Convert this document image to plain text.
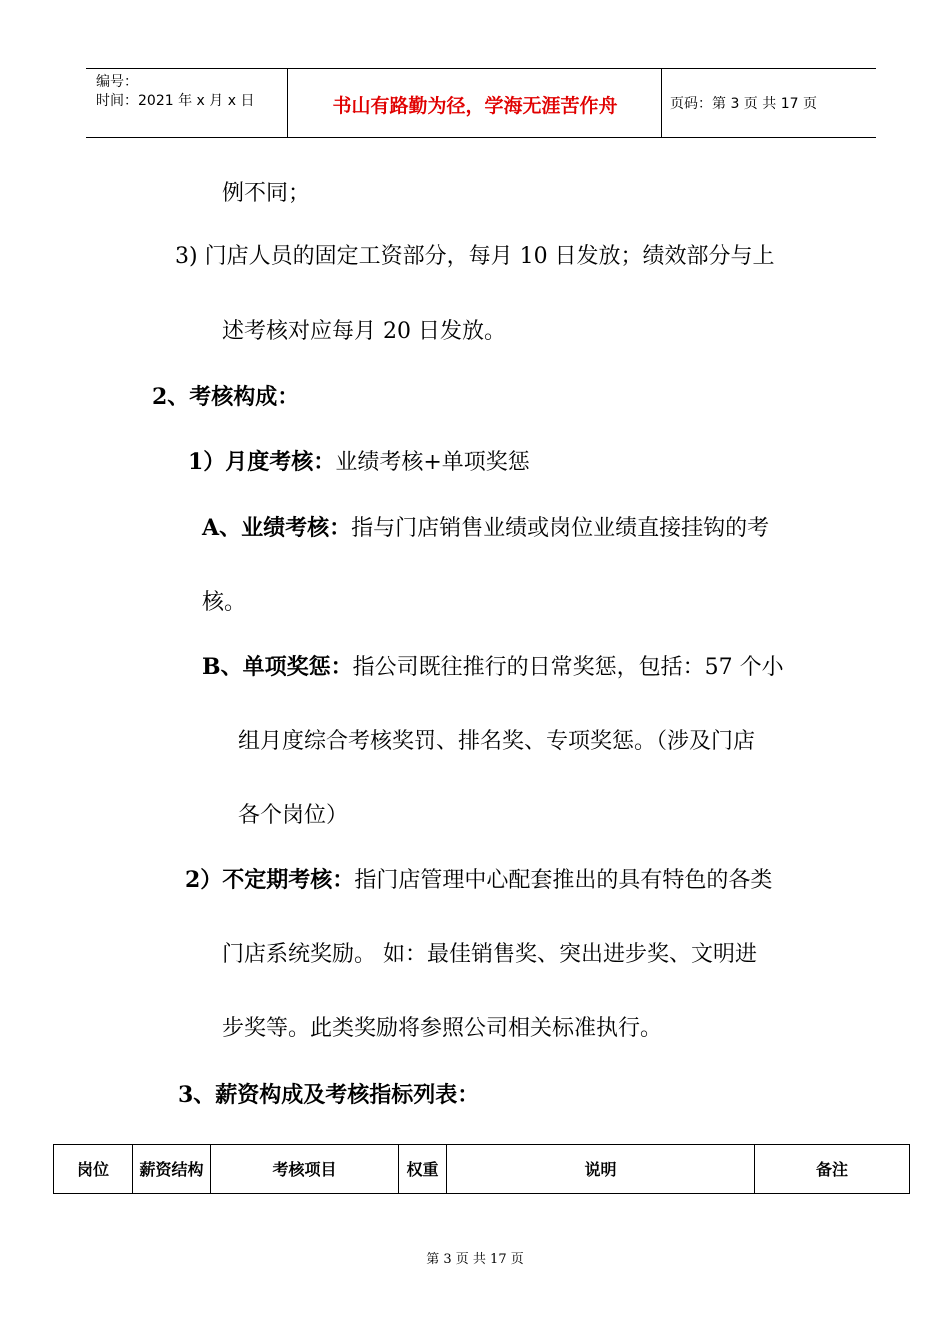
编号：
时间：2021 年 x 月 x 日	书山有路勤为径，学海无涯苦作舟	页码：第 3 页 共 17 页
例不同；
3) 门店人员的固定工资部分，每月 10 日发放；绩效部分与上
述考核对应每月 20 日发放。
2、考核构成：
1）月度考核：业绩考核+单项奖惩
A、业绩考核：指与门店销售业绩或岗位业绩直接挂钩的考
核。
B、单项奖惩：指公司既往推行的日常奖惩，包括：57 个小
组月度综合考核奖罚、排名奖、专项奖惩。（涉及门店
各个岗位）
2）不定期考核：指门店管理中心配套推出的具有特色的各类
门店系统奖励。 如：最佳销售奖、突出进步奖、文明进
步奖等。此类奖励将参照公司相关标准执行。
3、薪资构成及考核指标列表：
岗位	薪资结构	考核项目	权重	说明	备注
第 3 页 共 17 页
